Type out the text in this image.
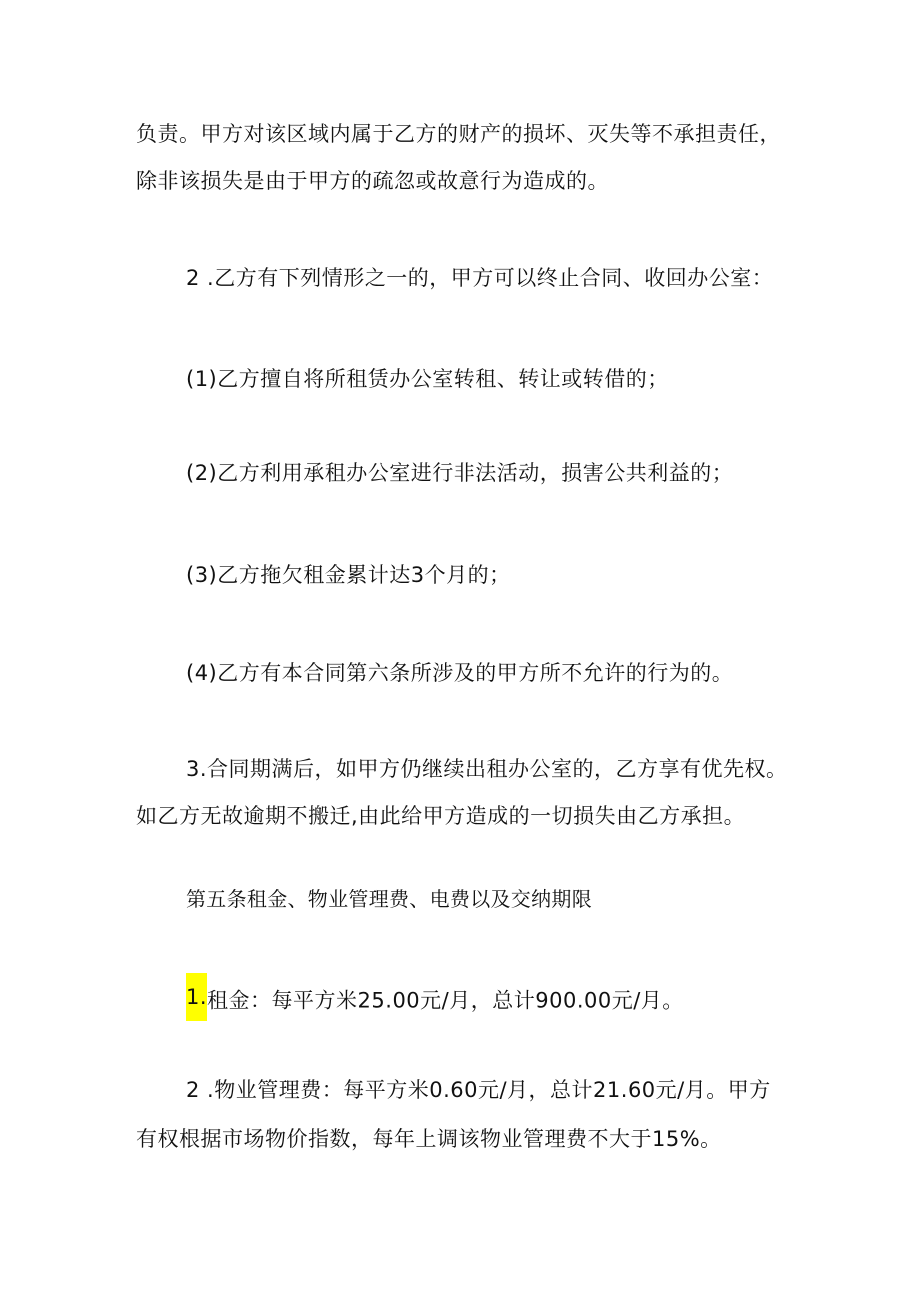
负责。甲方对该区域内属于乙方的财产的损坏、灭失等不承担责任，
除非该损失是由于甲方的疏忽或故意行为造成的。
2 .乙方有下列情形之一的，甲方可以终止合同、收回办公室：
(1)乙方擅自将所租赁办公室转租、转让或转借的；
(2)乙方利用承租办公室进行非法活动，损害公共利益的；
(3)乙方拖欠租金累计达3个月的；
(4)乙方有本合同第六条所涉及的甲方所不允许的行为的。
3.合同期满后，如甲方仍继续出租办公室的，乙方享有优先权。
如乙方无故逾期不搬迁,由此给甲方造成的一切损失由乙方承担。
第五条租金、物业管理费、电费以及交纳期限
1.租金：每平方米25.00元/月，总计900.00元/月。
2 .物业管理费：每平方米0.60元/月，总计21.60元/月。甲方
有权根据市场物价指数，每年上调该物业管理费不大于15%。
